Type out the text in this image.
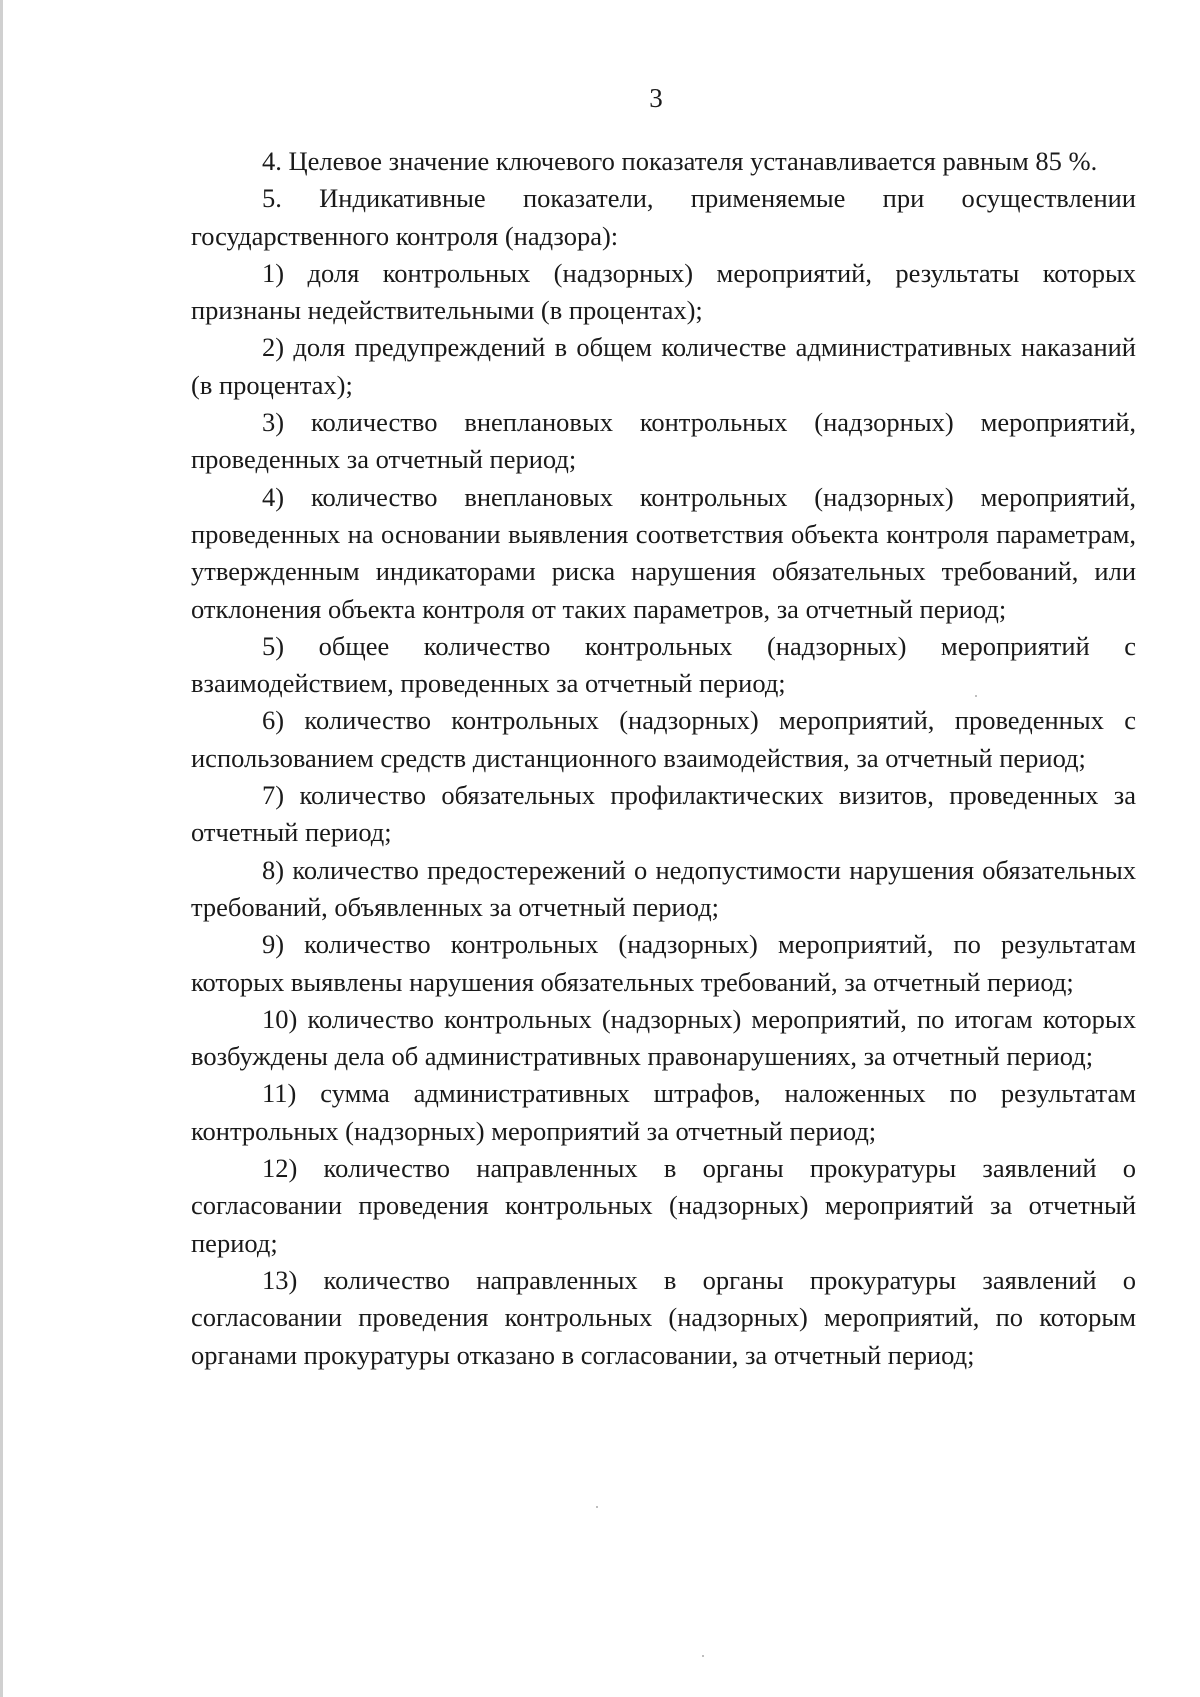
3

4. Целевое значение ключевого показателя устанавливается равным 85 %.

5. Индикативные показатели, применяемые при осуществлении государственного контроля (надзора):

1) доля контрольных (надзорных) мероприятий, результаты которых признаны недействительными (в процентах);

2) доля предупреждений в общем количестве административных наказаний (в процентах);

3) количество внеплановых контрольных (надзорных) мероприятий, проведенных за отчетный период;

4) количество внеплановых контрольных (надзорных) мероприятий, проведенных на основании выявления соответствия объекта контроля параметрам, утвержденным индикаторами риска нарушения обязательных требований, или отклонения объекта контроля от таких параметров, за отчетный период;

5) общее количество контрольных (надзорных) мероприятий с взаимодействием, проведенных за отчетный период;

6) количество контрольных (надзорных) мероприятий, проведенных с использованием средств дистанционного взаимодействия, за отчетный период;

7) количество обязательных профилактических визитов, проведенных за отчетный период;

8) количество предостережений о недопустимости нарушения обязательных требований, объявленных за отчетный период;

9) количество контрольных (надзорных) мероприятий, по результатам которых выявлены нарушения обязательных требований, за отчетный период;

10) количество контрольных (надзорных) мероприятий, по итогам которых возбуждены дела об административных правонарушениях, за отчетный период;

11) сумма административных штрафов, наложенных по результатам контрольных (надзорных) мероприятий за отчетный период;

12) количество направленных в органы прокуратуры заявлений о согласовании проведения контрольных (надзорных) мероприятий за отчетный период;

13) количество направленных в органы прокуратуры заявлений о согласовании проведения контрольных (надзорных) мероприятий, по которым органами прокуратуры отказано в согласовании, за отчетный период;
